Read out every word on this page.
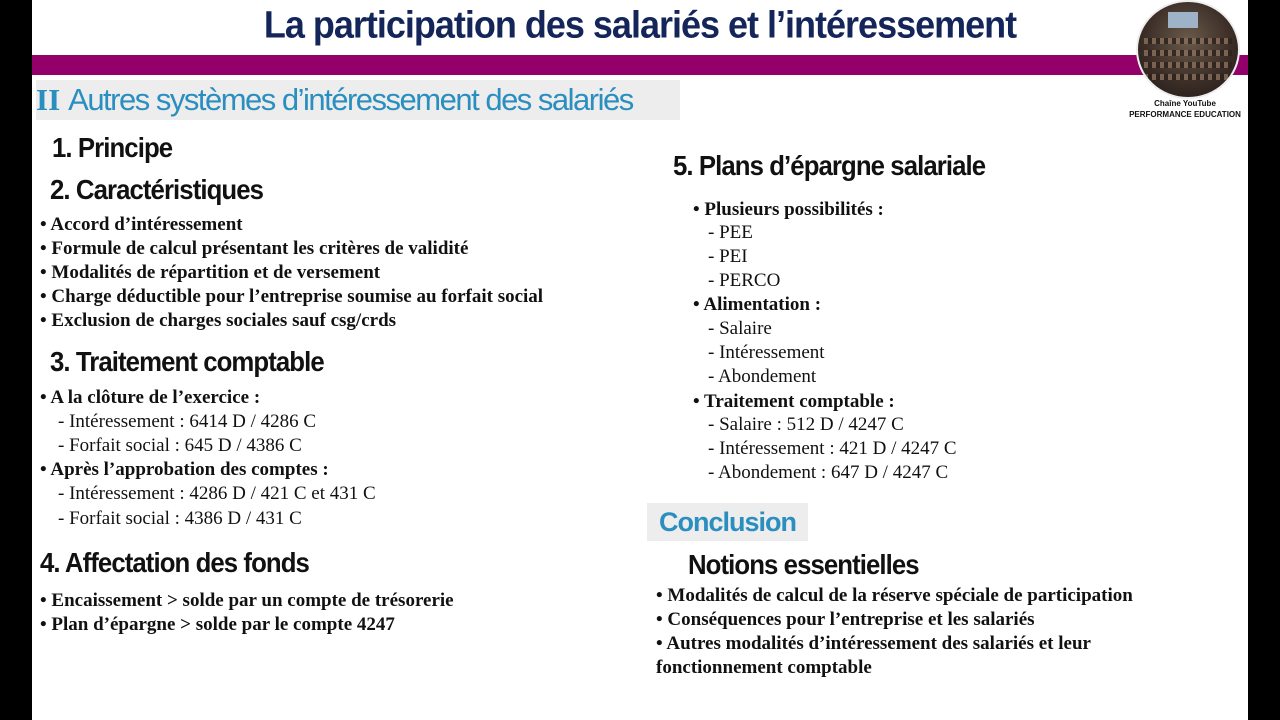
La participation des salariés et l’intéressement
Chaîne YouTube
PERFORMANCE EDUCATION
II Autres systèmes d’intéressement des salariés
1. Principe
2. Caractéristiques
• Accord d’intéressement
• Formule de calcul présentant les critères de validité
• Modalités de répartition et de versement
• Charge déductible pour l’entreprise soumise au forfait social
• Exclusion de charges sociales sauf csg/crds
3. Traitement comptable
• A la clôture de l’exercice :
- Intéressement : 6414 D / 4286 C
- Forfait social : 645 D / 4386 C
• Après l’approbation des comptes :
- Intéressement : 4286 D / 421 C et 431 C
- Forfait social : 4386 D / 431 C
4. Affectation des fonds
• Encaissement > solde par un compte de trésorerie
• Plan d’épargne > solde par le compte 4247
5. Plans d’épargne salariale
• Plusieurs possibilités :
- PEE
- PEI
- PERCO
• Alimentation :
- Salaire
- Intéressement
- Abondement
• Traitement comptable :
- Salaire : 512 D / 4247 C
- Intéressement : 421 D / 4247 C
- Abondement : 647 D / 4247 C
Conclusion
Notions essentielles
• Modalités de calcul de la réserve spéciale de participation
• Conséquences pour l’entreprise et les salariés
• Autres modalités d’intéressement des salariés et leur
fonctionnement comptable
